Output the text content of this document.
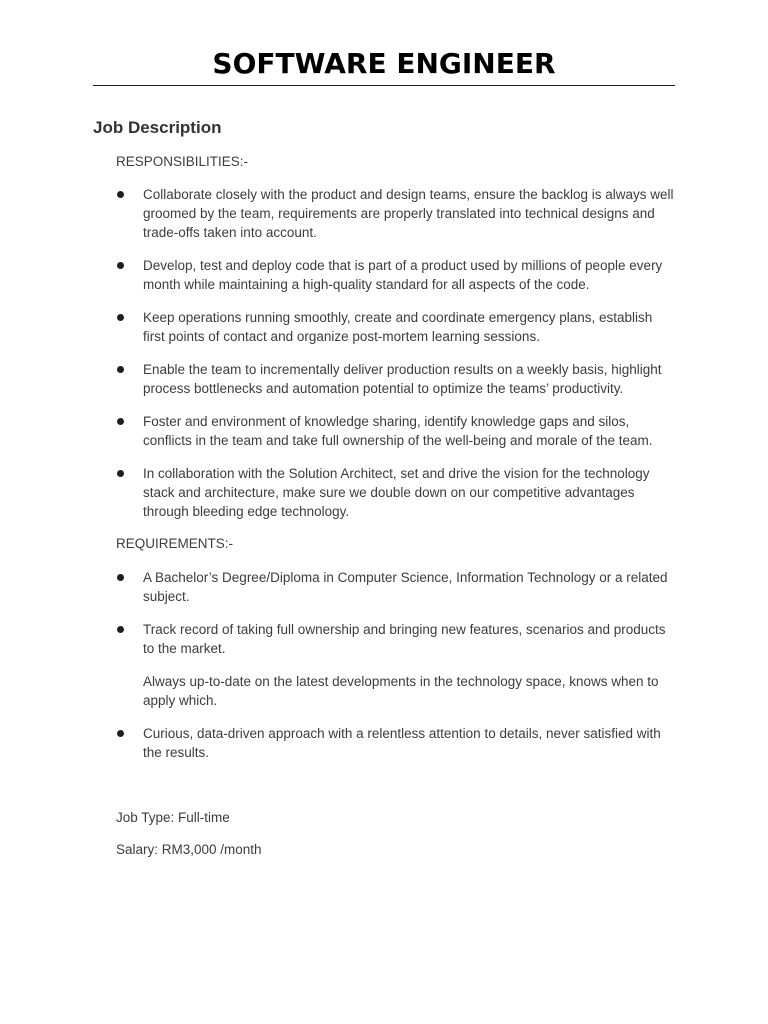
SOFTWARE ENGINEER
Job Description

RESPONSIBILITIES:-

Collaborate closely with the product and design teams, ensure the backlog is always well groomed by the team, requirements are properly translated into technical designs and trade-offs taken into account.
Develop, test and deploy code that is part of a product used by millions of people every month while maintaining a high-quality standard for all aspects of the code.
Keep operations running smoothly, create and coordinate emergency plans, establish first points of contact and organize post-mortem learning sessions.
Enable the team to incrementally deliver production results on a weekly basis, highlight process bottlenecks and automation potential to optimize the teams’ productivity.
Foster and environment of knowledge sharing, identify knowledge gaps and silos, conflicts in the team and take full ownership of the well-being and morale of the team.
In collaboration with the Solution Architect, set and drive the vision for the technology stack and architecture, make sure we double down on our competitive advantages through bleeding edge technology.

REQUIREMENTS:-

A Bachelor’s Degree/Diploma in Computer Science, Information Technology or a related subject.
Track record of taking full ownership and bringing new features, scenarios and products to the market.
Always up-to-date on the latest developments in the technology space, knows when to apply which.
Curious, data-driven approach with a relentless attention to details, never satisfied with the results.

Job Type: Full-time

Salary: RM3,000 /month
